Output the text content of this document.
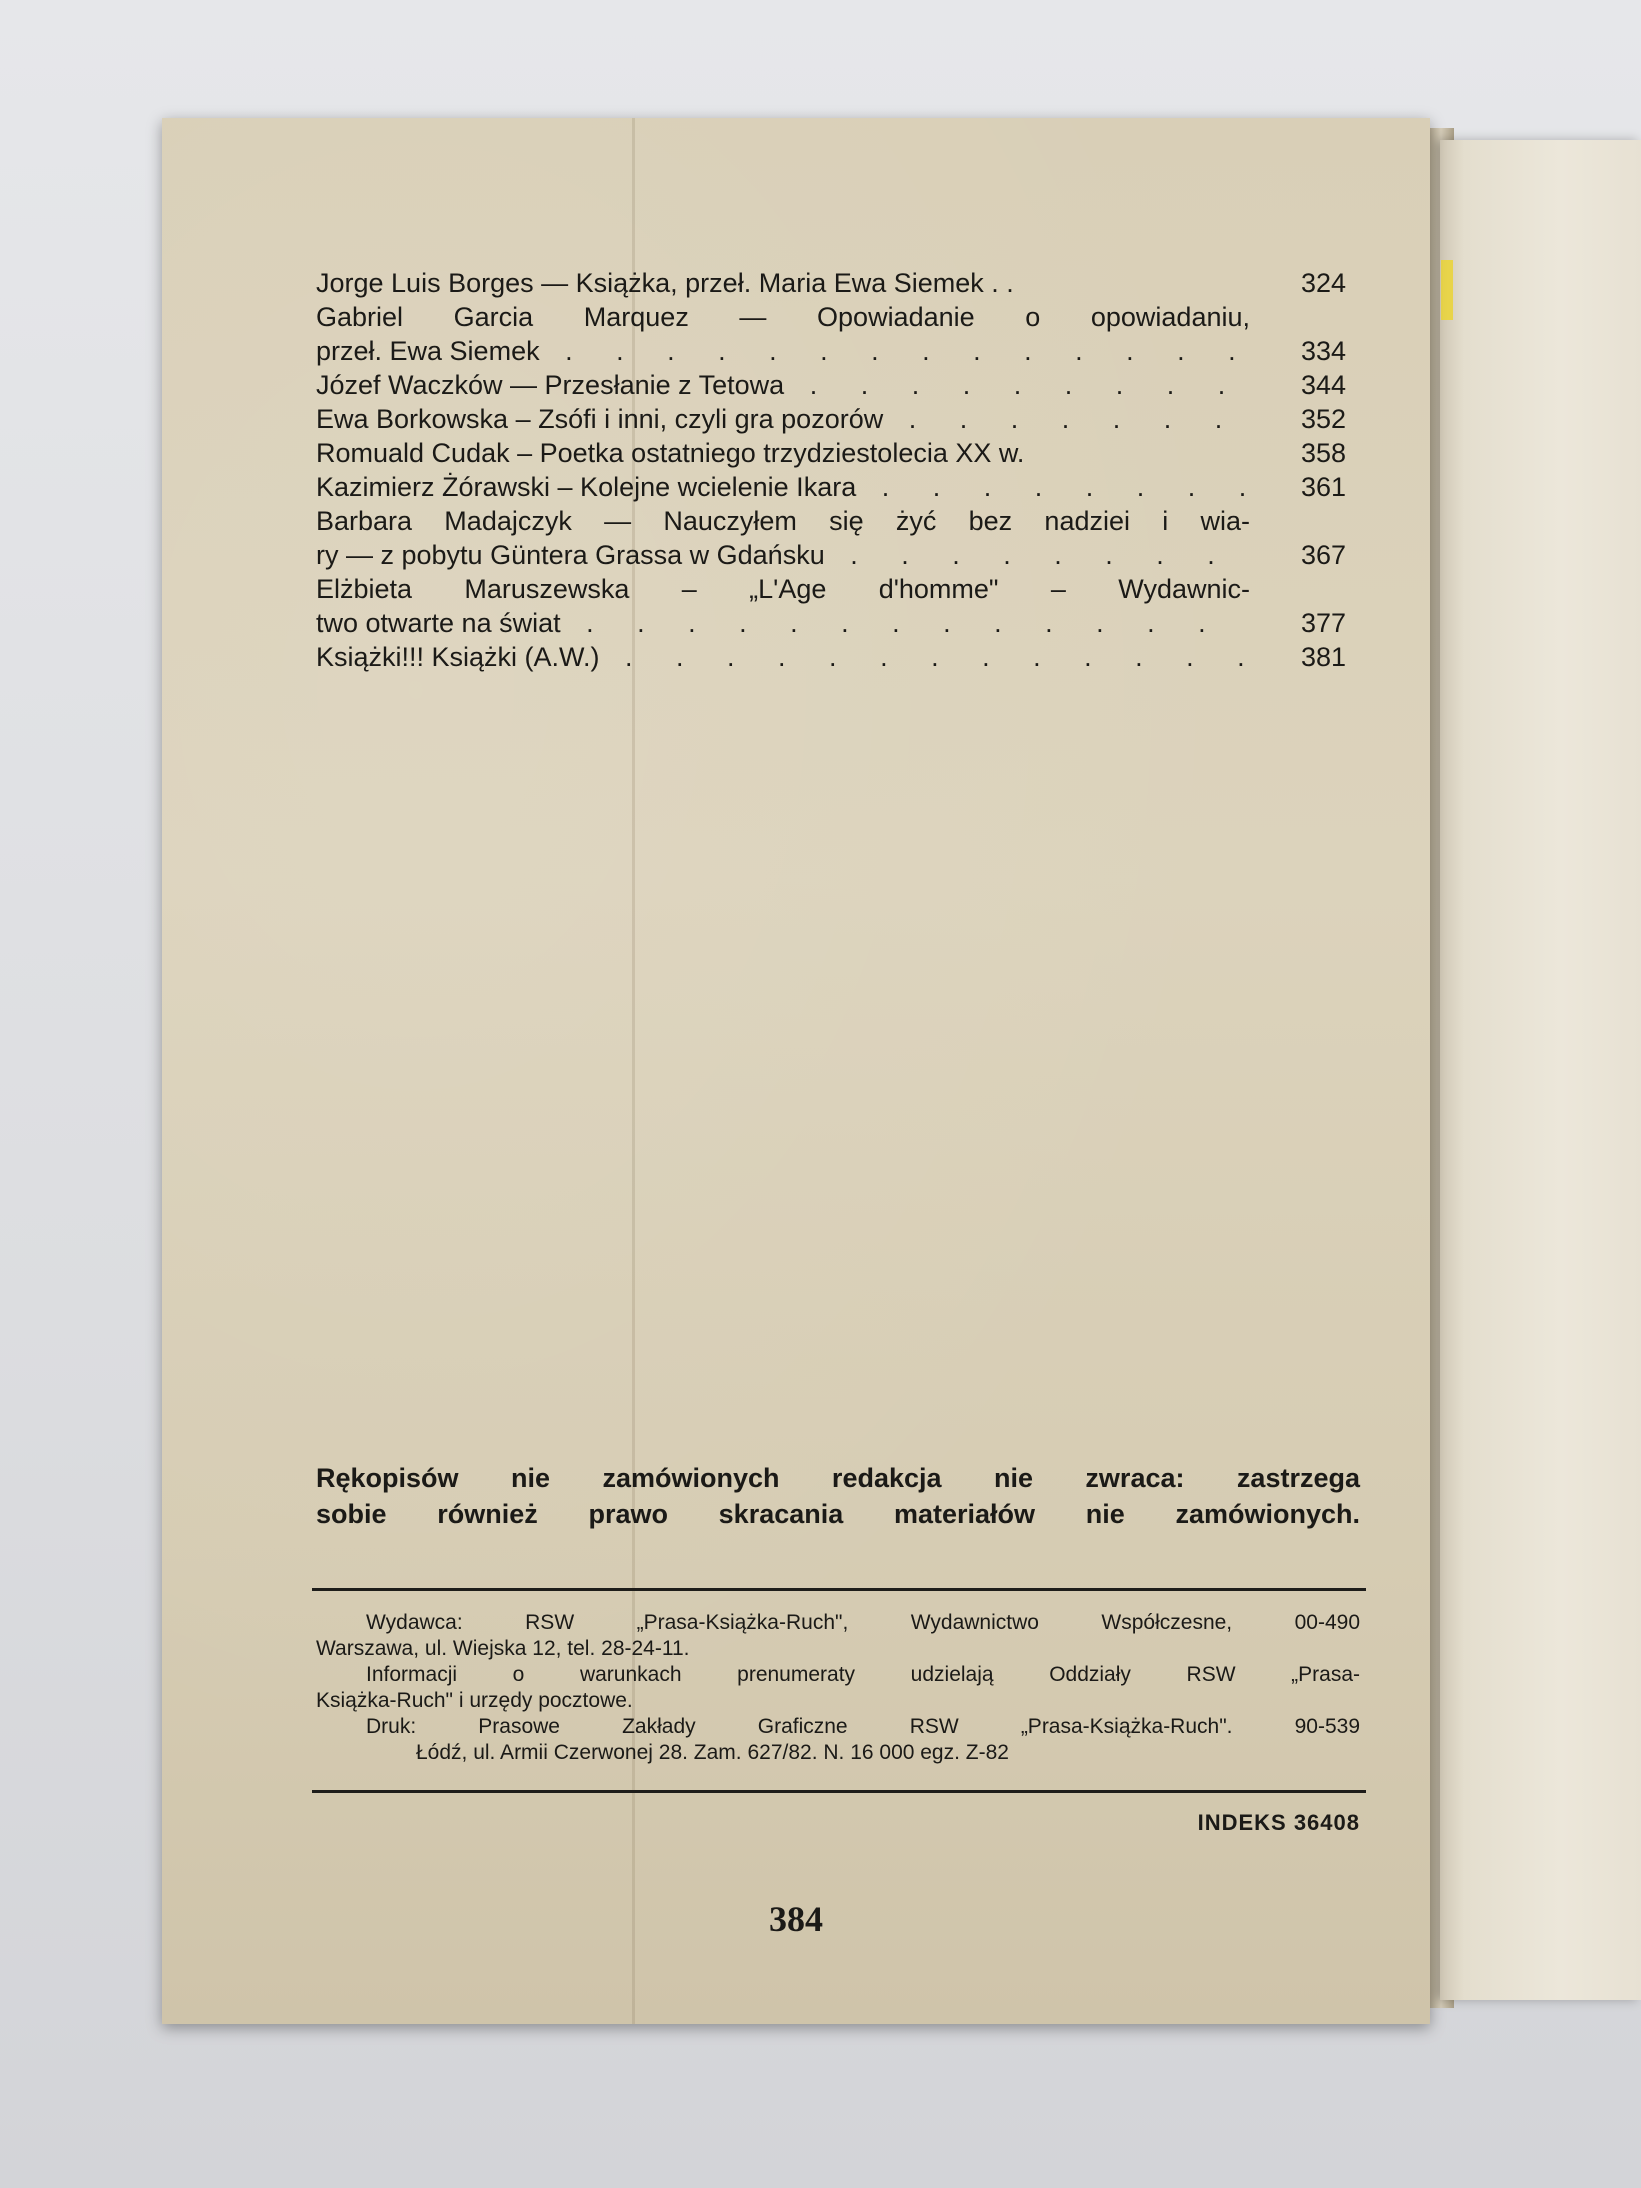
Jorge Luis Borges — Książka, przeł. Maria Ewa Siemek . .	324
Gabriel Garcia Marquez — Opowiadanie o opowiadaniu,
przeł. Ewa Siemek . . .	334
Józef Waczków — Przesłanie z Tetowa . . .	344
Ewa Borkowska – Zsófi i inni, czyli gra pozorów . . .	352
Romuald Cudak – Poetka ostatniego trzydziestolecia XX w.	358
Kazimierz Żórawski – Kolejne wcielenie Ikara . . .	361
Barbara Madajczyk — Nauczyłem się żyć bez nadziei i wia-
ry — z pobytu Güntera Grassa w Gdańsku . . .	367
Elżbieta Maruszewska – „L'Age d'homme" – Wydawnic-
two otwarte na świat . . .	377
Książki!!! Książki (A.W.) . . .	381
Rękopisów nie zamówionych redakcja nie zwraca: zastrzega
sobie również prawo skracania materiałów nie zamówionych.
Wydawca: RSW „Prasa-Książka-Ruch", Wydawnictwo Współczesne, 00-490
Warszawa, ul. Wiejska 12, tel. 28-24-11.
Informacji o warunkach prenumeraty udzielają Oddziały RSW „Prasa-
Książka-Ruch" i urzędy pocztowe.
Druk: Prasowe Zakłady Graficzne RSW „Prasa-Książka-Ruch". 90-539
Łódź, ul. Armii Czerwonej 28. Zam. 627/82. N. 16 000 egz. Z-82
INDEKS 36408
384
